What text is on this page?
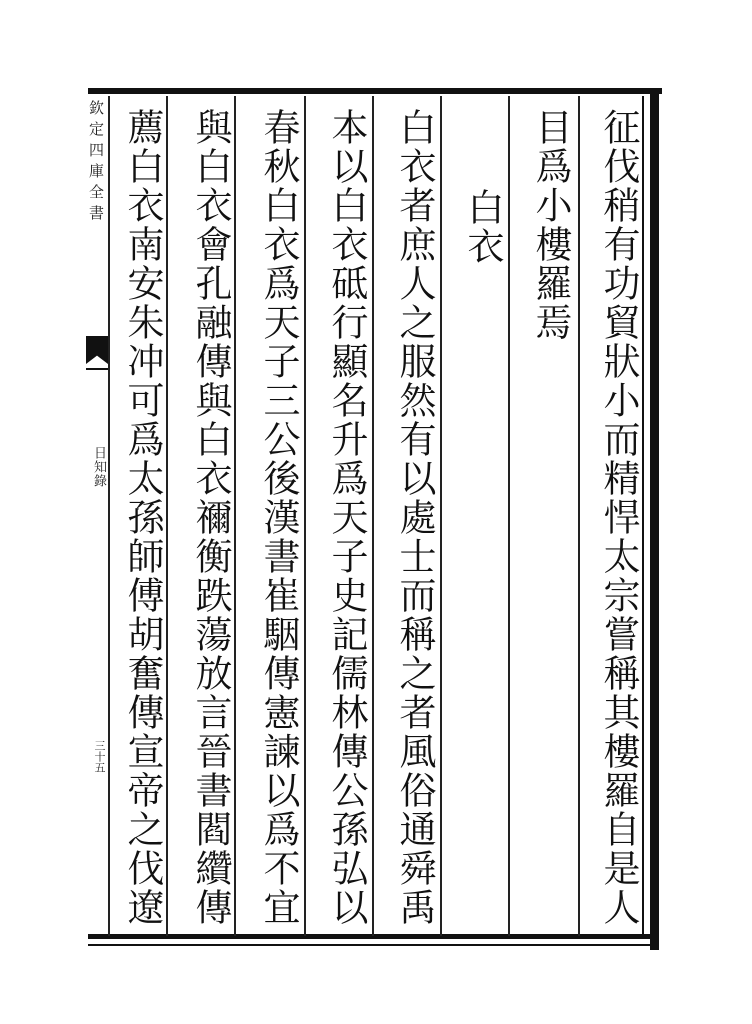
欽定四庫全書
日知錄
三十五	征伐稍有功貿狀小而精悍太宗嘗稱其樓羅自是人
目爲小樓羅焉
白衣
白衣者庶人之服然有以處士而稱之者風俗通舜禹
本以白衣砥行顯名升爲天子史記儒林傳公孫弘以
春秋白衣爲天子三公後漢書崔駰傳憲諫以爲不宜
與白衣會孔融傳與白衣禰衡跌蕩放言晉書閻纘傳
薦白衣南安朱冲可爲太孫師傅胡奮傳宣帝之伐遼
